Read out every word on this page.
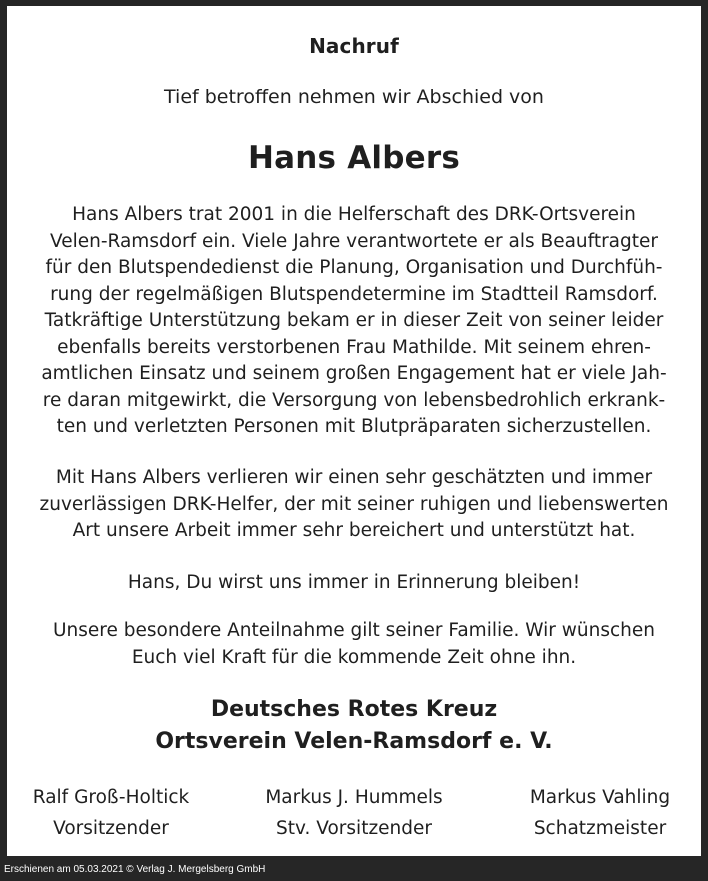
Nachruf
Tief betroffen nehmen wir Abschied von
Hans Albers
Hans Albers trat 2001 in die Helferschaft des DRK-Ortsverein
Velen-Ramsdorf ein. Viele Jahre verantwortete er als Beauftragter
für den Blutspendedienst die Planung, Organisation und Durchfüh-
rung der regelmäßigen Blutspendetermine im Stadtteil Ramsdorf.
Tatkräftige Unterstützung bekam er in dieser Zeit von seiner leider
ebenfalls bereits verstorbenen Frau Mathilde. Mit seinem ehren-
amtlichen Einsatz und seinem großen Engagement hat er viele Jah-
re daran mitgewirkt, die Versorgung von lebensbedrohlich erkrank-
ten und verletzten Personen mit Blutpräparaten sicherzustellen.
Mit Hans Albers verlieren wir einen sehr geschätzten und immer
zuverlässigen DRK-Helfer, der mit seiner ruhigen und liebenswerten
Art unsere Arbeit immer sehr bereichert und unterstützt hat.
Hans, Du wirst uns immer in Erinnerung bleiben!
Unsere besondere Anteilnahme gilt seiner Familie. Wir wünschen
Euch viel Kraft für die kommende Zeit ohne ihn.
Deutsches Rotes Kreuz
Ortsverein Velen-Ramsdorf e. V.
Ralf Groß-Holtick
Vorsitzender
Markus J. Hummels
Stv. Vorsitzender
Markus Vahling
Schatzmeister
Erschienen am 05.03.2021 © Verlag J. Mergelsberg GmbH
